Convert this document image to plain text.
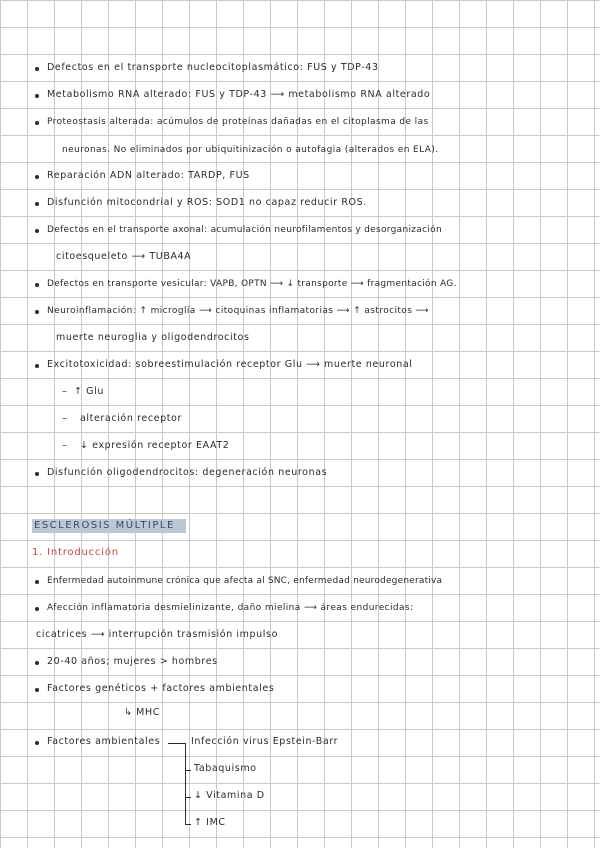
Defectos en el transporte nucleocitoplasmático: FUS y TDP-43
Metabolismo RNA alterado: FUS y TDP-43 ⟶ metabolismo RNA alterado
Proteostasis alterada: acúmulos de proteínas dañadas en el citoplasma de las
neuronas. No eliminados por ubiquitinización o autofagia (alterados en ELA).
Reparación ADN alterado: TARDP, FUS
Disfunción mitocondrial y ROS: SOD1 no capaz reducir ROS.
Defectos en el transporte axonal: acumulación neurofilamentos y desorganización
citoesqueleto ⟶ TUBA4A
Defectos en transporte vesicular: VAPB, OPTN ⟶ ↓ transporte ⟶ fragmentación AG.
Neuroinflamación: ↑ microglía ⟶ citoquinas inflamatorias ⟶ ↑ astrocitos ⟶
muerte neuroglia y oligodendrocitos
Excitotoxicidad: sobreestimulación receptor Glu ⟶ muerte neuronal
– ↑ Glu
– alteración receptor
– ↓ expresión receptor EAAT2
Disfunción oligodendrocitos: degeneración neuronas
ESCLEROSIS MÚLTIPLE
1. Introducción
Enfermedad autoinmune crónica que afecta al SNC, enfermedad neurodegenerativa
Afección inflamatoria desmielinizante, daño mielina ⟶ áreas endurecidas:
cicatrices ⟶ interrupción trasmisión impulso
20-40 años; mujeres > hombres
Factores genéticos + factores ambientales
↳ MHC
Factores ambientales	Infección virus Epstein-Barr
Tabaquismo
↓ Vitamina D
↑ IMC
